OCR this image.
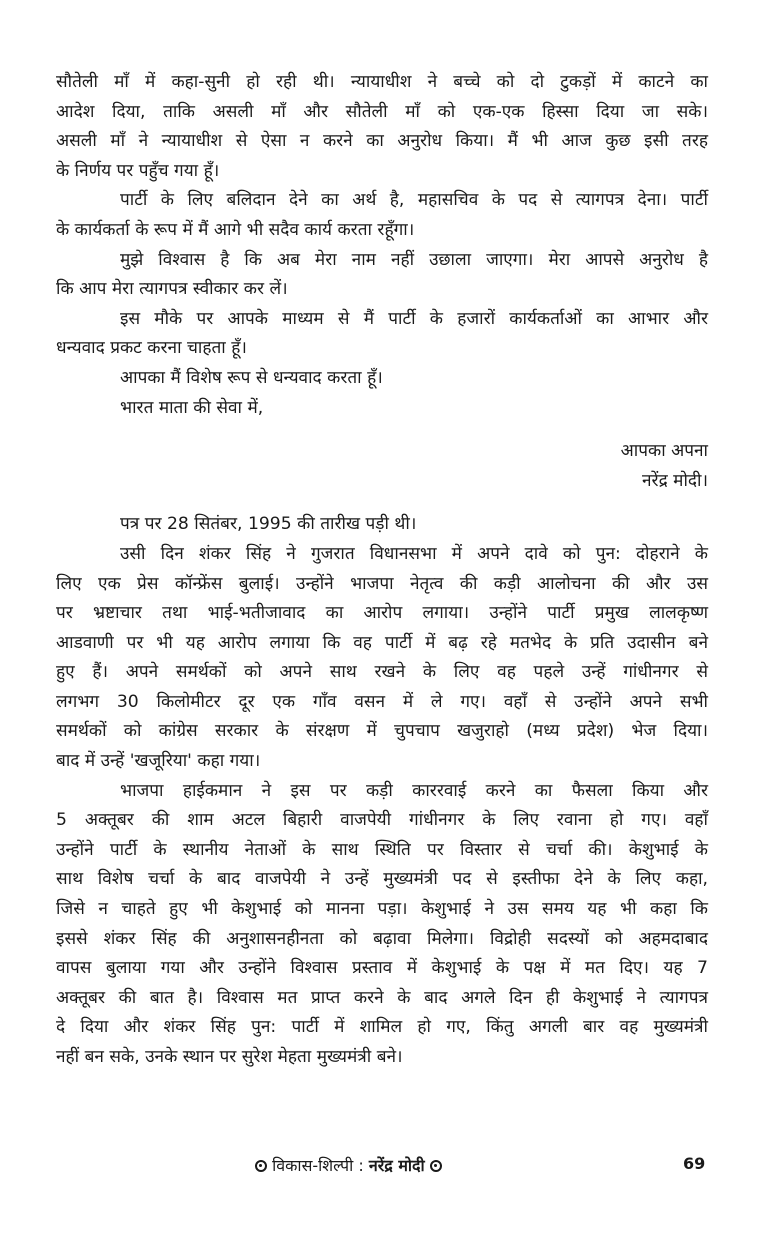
सौतेली माँ में कहा-सुनी हो रही थी। न्यायाधीश ने बच्चे को दो टुकड़ों में काटने का
आदेश दिया, ताकि असली माँ और सौतेली माँ को एक-एक हिस्सा दिया जा सके।
असली माँ ने न्यायाधीश से ऐसा न करने का अनुरोध किया। मैं भी आज कुछ इसी तरह
के निर्णय पर पहुँच गया हूँ।
पार्टी के लिए बलिदान देने का अर्थ है, महासचिव के पद से त्यागपत्र देना। पार्टी
के कार्यकर्ता के रूप में मैं आगे भी सदैव कार्य करता रहूँगा।
मुझे विश्वास है कि अब मेरा नाम नहीं उछाला जाएगा। मेरा आपसे अनुरोध है
कि आप मेरा त्यागपत्र स्वीकार कर लें।
इस मौके पर आपके माध्यम से मैं पार्टी के हजारों कार्यकर्ताओं का आभार और
धन्यवाद प्रकट करना चाहता हूँ।
आपका मैं विशेष रूप से धन्यवाद करता हूँ।
भारत माता की सेवा में,
आपका अपना
नरेंद्र मोदी।
पत्र पर 28 सितंबर, 1995 की तारीख पड़ी थी।
उसी दिन शंकर सिंह ने गुजरात विधानसभा में अपने दावे को पुन: दोहराने के
लिए एक प्रेस कॉन्फ्रेंस बुलाई। उन्होंने भाजपा नेतृत्व की कड़ी आलोचना की और उस
पर भ्रष्टाचार तथा भाई-भतीजावाद का आरोप लगाया। उन्होंने पार्टी प्रमुख लालकृष्ण
आडवाणी पर भी यह आरोप लगाया कि वह पार्टी में बढ़ रहे मतभेद के प्रति उदासीन बने
हुए हैं। अपने समर्थकों को अपने साथ रखने के लिए वह पहले उन्हें गांधीनगर से
लगभग 30 किलोमीटर दूर एक गाँव वसन में ले गए। वहाँ से उन्होंने अपने सभी
समर्थकों को कांग्रेस सरकार के संरक्षण में चुपचाप खजुराहो (मध्य प्रदेश) भेज दिया।
बाद में उन्हें 'खजूरिया' कहा गया।
भाजपा हाईकमान ने इस पर कड़ी काररवाई करने का फैसला किया और
5 अक्तूबर की शाम अटल बिहारी वाजपेयी गांधीनगर के लिए रवाना हो गए। वहाँ
उन्होंने पार्टी के स्थानीय नेताओं के साथ स्थिति पर विस्तार से चर्चा की। केशुभाई के
साथ विशेष चर्चा के बाद वाजपेयी ने उन्हें मुख्यमंत्री पद से इस्तीफा देने के लिए कहा,
जिसे न चाहते हुए भी केशुभाई को मानना पड़ा। केशुभाई ने उस समय यह भी कहा कि
इससे शंकर सिंह की अनुशासनहीनता को बढ़ावा मिलेगा। विद्रोही सदस्यों को अहमदाबाद
वापस बुलाया गया और उन्होंने विश्वास प्रस्ताव में केशुभाई के पक्ष में मत दिए। यह 7
अक्तूबर की बात है। विश्वास मत प्राप्त करने के बाद अगले दिन ही केशुभाई ने त्यागपत्र
दे दिया और शंकर सिंह पुन: पार्टी में शामिल हो गए, किंतु अगली बार वह मुख्यमंत्री
नहीं बन सके, उनके स्थान पर सुरेश मेहता मुख्यमंत्री बने।
विकास-शिल्पी : नरेंद्र मोदी	69
